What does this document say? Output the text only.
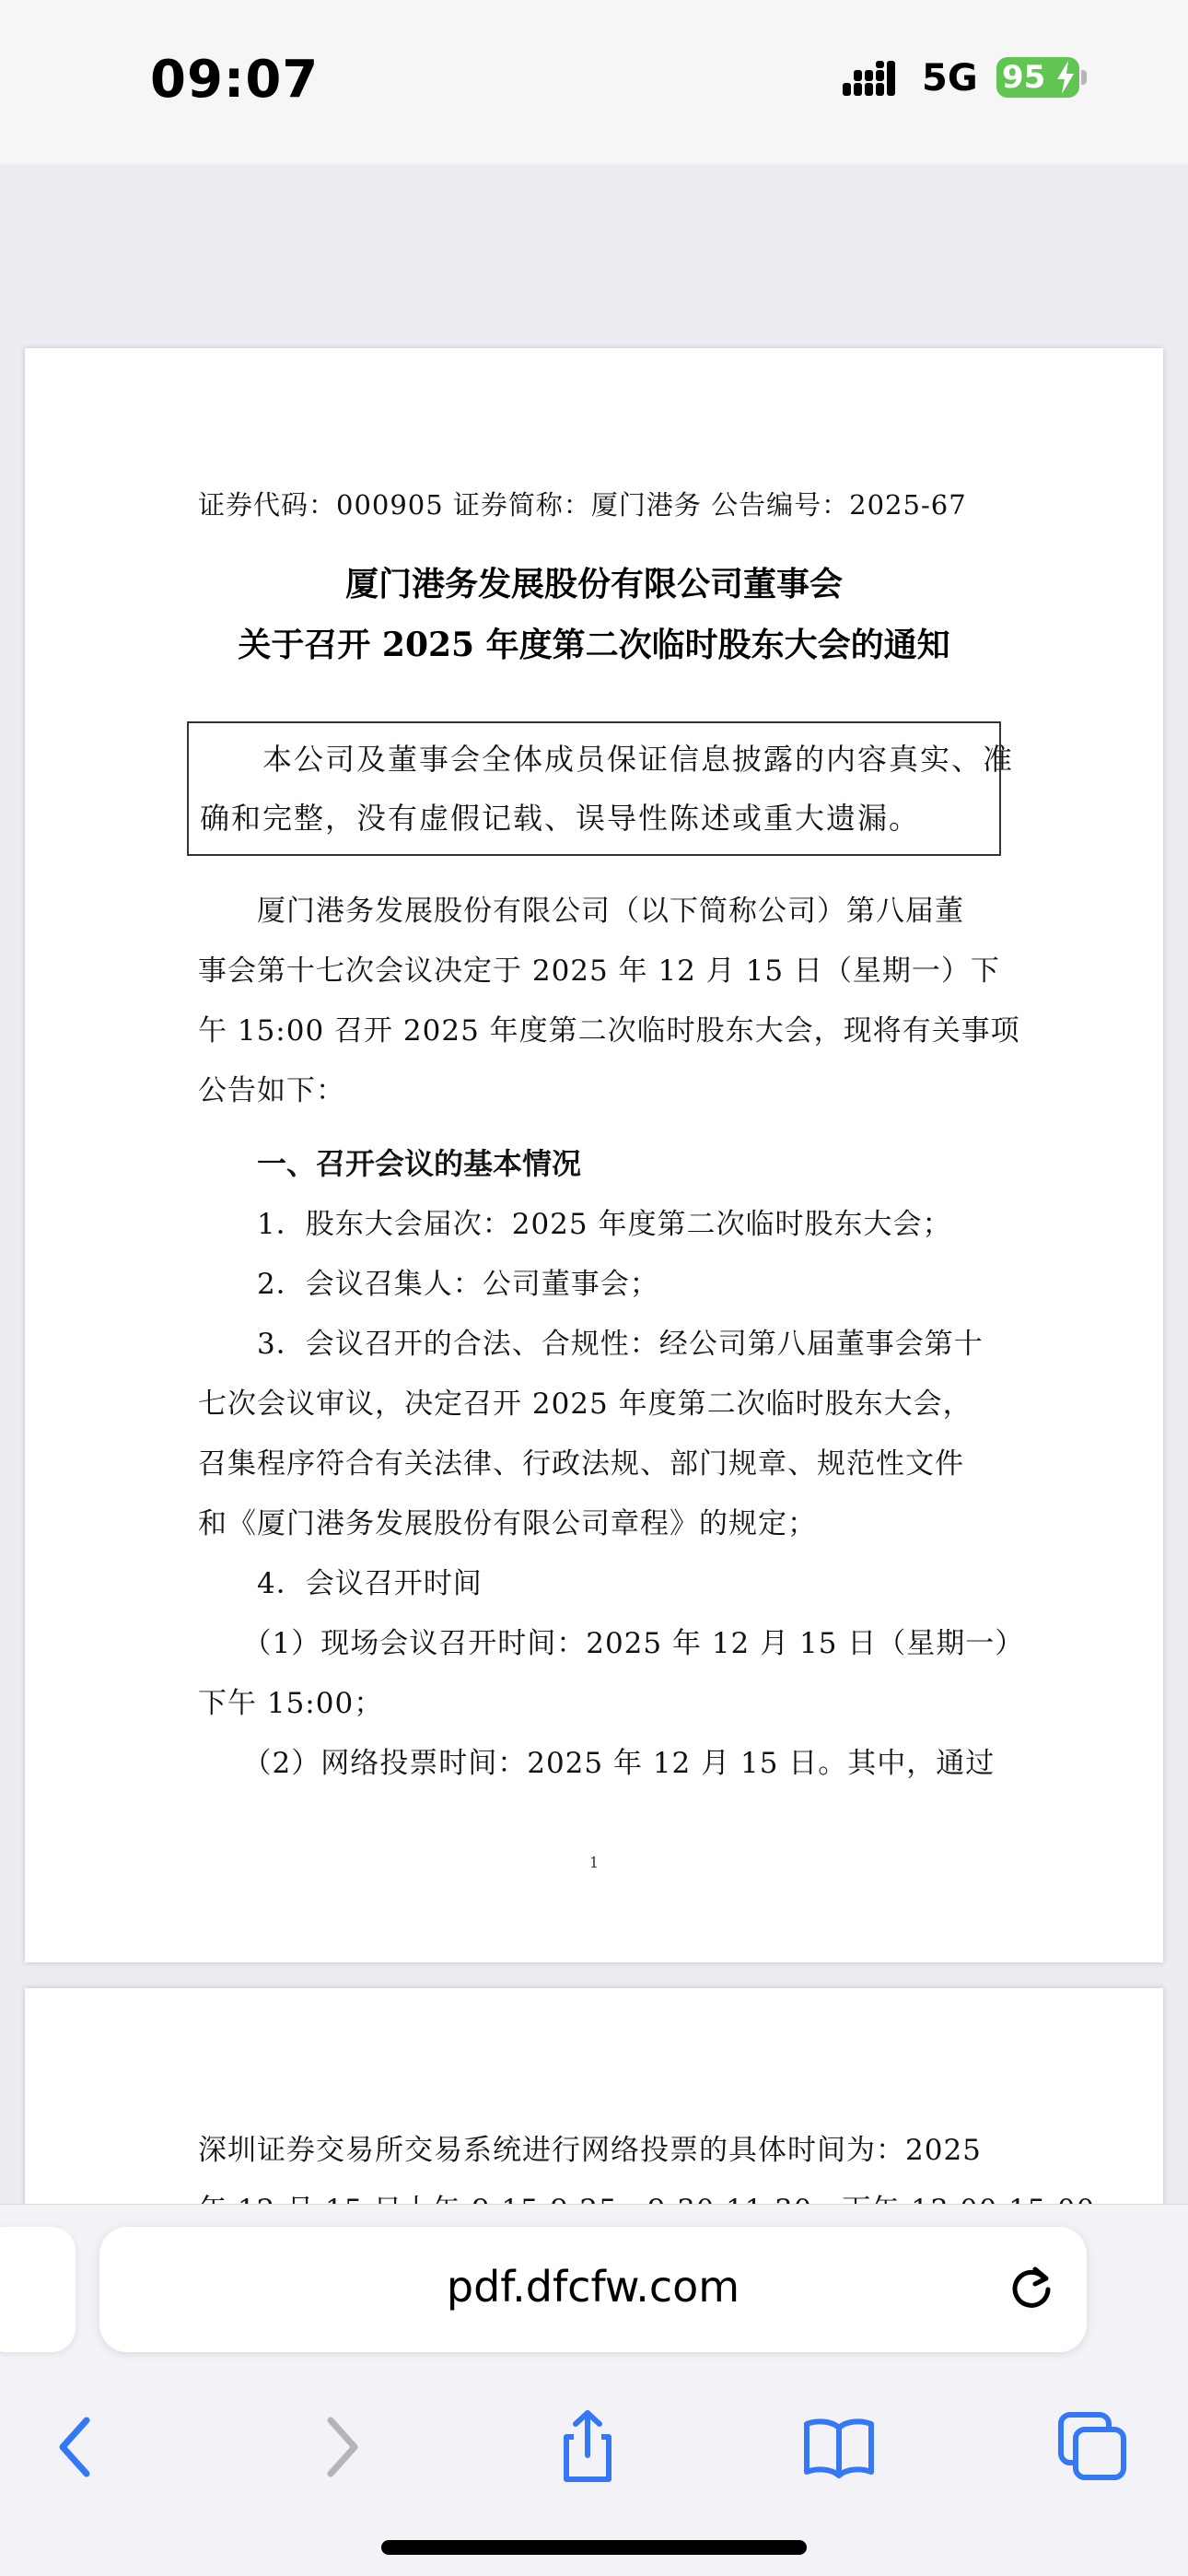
09:07	5G 95
证券代码：000905 证券简称：厦门港务 公告编号：2025-67
厦门港务发展股份有限公司董事会
关于召开 2025 年度第二次临时股东大会的通知
　　本公司及董事会全体成员保证信息披露的内容真实、准
确和完整，没有虚假记载、误导性陈述或重大遗漏。
　　厦门港务发展股份有限公司（以下简称公司）第八届董
事会第十七次会议决定于 2025 年 12 月 15 日（星期一）下
午 15:00 召开 2025 年度第二次临时股东大会，现将有关事项
公告如下：
　　一、召开会议的基本情况
　　1．股东大会届次：2025 年度第二次临时股东大会；
　　2．会议召集人：公司董事会；
　　3．会议召开的合法、合规性：经公司第八届董事会第十
七次会议审议，决定召开 2025 年度第二次临时股东大会，
召集程序符合有关法律、行政法规、部门规章、规范性文件
和《厦门港务发展股份有限公司章程》的规定；
　　4．会议召开时间
　　（1）现场会议召开时间：2025 年 12 月 15 日（星期一）
下午 15:00；
　　（2）网络投票时间：2025 年 12 月 15 日。其中，通过
1
深圳证券交易所交易系统进行网络投票的具体时间为：2025
pdf.dfcfw.com
